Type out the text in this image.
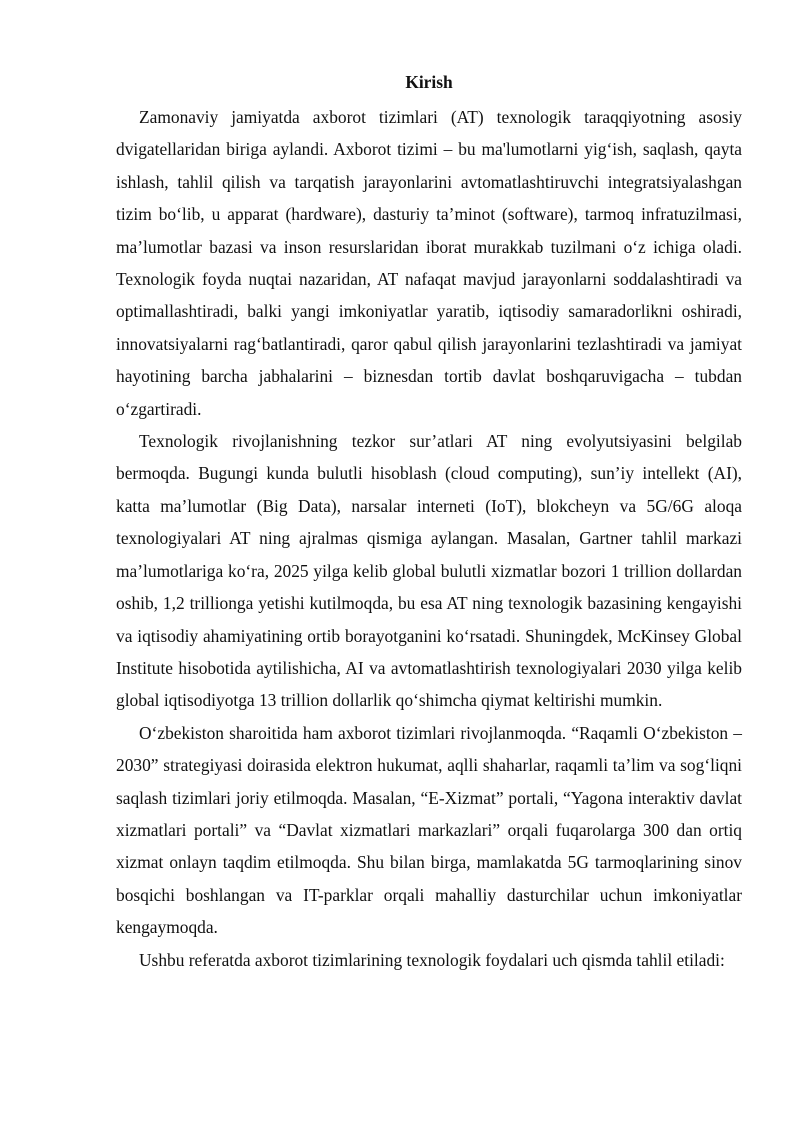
Kirish

Zamonaviy jamiyatda axborot tizimlari (AT) texnologik taraqqiyotning asosiy dvigatellaridan biriga aylandi. Axborot tizimi – bu ma'lumotlarni yig‘ish, saqlash, qayta ishlash, tahlil qilish va tarqatish jarayonlarini avtomatlashtiruvchi integratsiyalashgan tizim bo‘lib, u apparat (hardware), dasturiy ta’minot (software), tarmoq infratuzilmasi, ma’lumotlar bazasi va inson resurslaridan iborat murakkab tuzilmani o‘z ichiga oladi. Texnologik foyda nuqtai nazaridan, AT nafaqat mavjud jarayonlarni soddalashtiradi va optimallashtiradi, balki yangi imkoniyatlar yaratib, iqtisodiy samaradorlikni oshiradi, innovatsiyalarni rag‘batlantiradi, qaror qabul qilish jarayonlarini tezlashtiradi va jamiyat hayotining barcha jabhalarini – biznesdan tortib davlat boshqaruvigacha – tubdan o‘zgartiradi.

Texnologik rivojlanishning tezkor sur’atlari AT ning evolyutsiyasini belgilab bermoqda. Bugungi kunda bulutli hisoblash (cloud computing), sun’iy intellekt (AI), katta ma’lumotlar (Big Data), narsalar interneti (IoT), blokcheyn va 5G/6G aloqa texnologiyalari AT ning ajralmas qismiga aylangan. Masalan, Gartner tahlil markazi ma’lumotlariga ko‘ra, 2025 yilga kelib global bulutli xizmatlar bozori 1 trillion dollardan oshib, 1,2 trillionga yetishi kutilmoqda, bu esa AT ning texnologik bazasining kengayishi va iqtisodiy ahamiyatining ortib borayotganini ko‘rsatadi. Shuningdek, McKinsey Global Institute hisobotida aytilishicha, AI va avtomatlashtirish texnologiyalari 2030 yilga kelib global iqtisodiyotga 13 trillion dollarlik qo‘shimcha qiymat keltirishi mumkin.

O‘zbekiston sharoitida ham axborot tizimlari rivojlanmoqda. “Raqamli O‘zbekiston – 2030” strategiyasi doirasida elektron hukumat, aqlli shaharlar, raqamli ta’lim va sog‘liqni saqlash tizimlari joriy etilmoqda. Masalan, “E-Xizmat” portali, “Yagona interaktiv davlat xizmatlari portali” va “Davlat xizmatlari markazlari” orqali fuqarolarga 300 dan ortiq xizmat onlayn taqdim etilmoqda. Shu bilan birga, mamlakatda 5G tarmoqlarining sinov bosqichi boshlangan va IT-parklar orqali mahalliy dasturchilar uchun imkoniyatlar kengaymoqda.

Ushbu referatda axborot tizimlarining texnologik foydalari uch qismda tahlil etiladi:
